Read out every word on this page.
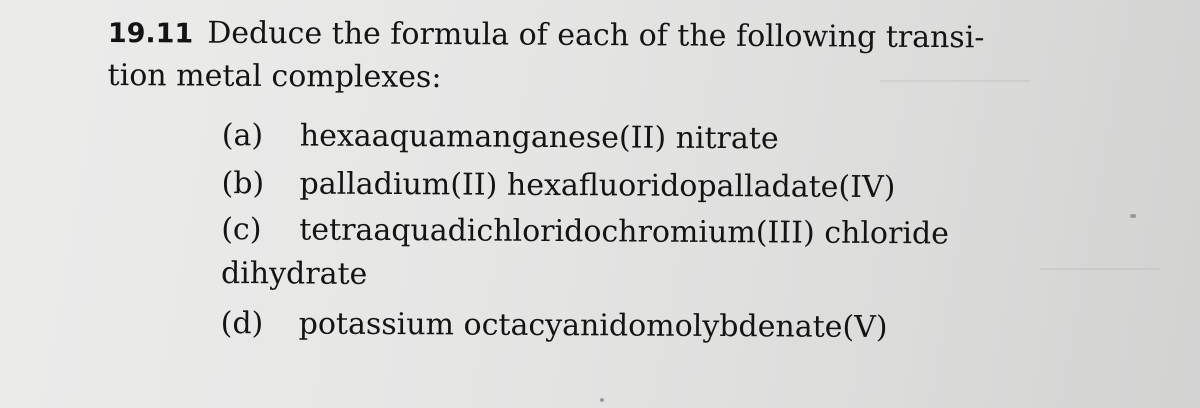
19.11 Deduce the formula of each of the following transi-
tion metal complexes:
(a) hexaaquamanganese(II) nitrate
(b) palladium(II) hexafluoridopalladate(IV)
(c) tetraaquadichloridochromium(III) chloride
dihydrate
(d) potassium octacyanidomolybdenate(V)
